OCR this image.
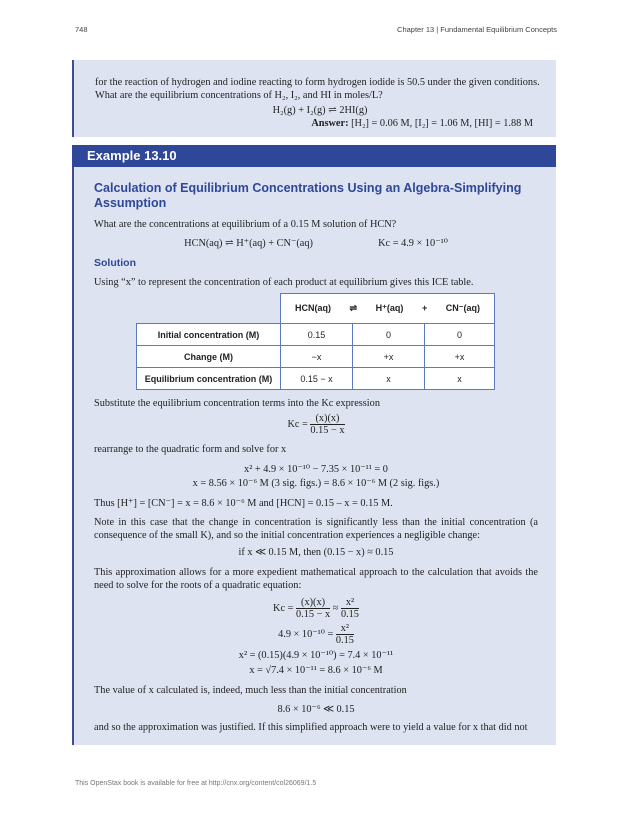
748	Chapter 13 | Fundamental Equilibrium Concepts
for the reaction of hydrogen and iodine reacting to form hydrogen iodide is 50.5 under the given conditions. What are the equilibrium concentrations of H₂, I₂, and HI in moles/L?
H₂(g) + I₂(g) ⇌ 2HI(g)
Answer: [H₂] = 0.06 M, [I₂] = 1.06 M, [HI] = 1.88 M
Example 13.10
Calculation of Equilibrium Concentrations Using an Algebra-Simplifying Assumption
What are the concentrations at equilibrium of a 0.15 M solution of HCN?
HCN(aq) ⇌ H⁺(aq) + CN⁻(aq)	Kc = 4.9 × 10⁻¹⁰
Solution
Using “x” to represent the concentration of each product at equilibrium gives this ICE table.

	HCN(aq) ⇌ H⁺(aq) + CN⁻(aq)		

Initial concentration (M)	0.15	0	0
Change (M)	−x	+x	+x
Equilibrium concentration (M)	0.15 − x	x	x
Substitute the equilibrium concentration terms into the Kc expression
$Kc = \frac{(x)(x)}{0.15 - x}$
rearrange to the quadratic form and solve for x
x² + 4.9 × 10⁻¹⁰ − 7.35 × 10⁻¹¹ = 0
x = 8.56 × 10⁻⁶ M (3 sig. figs.) = 8.6 × 10⁻⁶ M (2 sig. figs.)
Thus [H⁺] = [CN⁻] = x = 8.6 × 10⁻⁶ M and [HCN] = 0.15 – x = 0.15 M.
Note in this case that the change in concentration is significantly less than the initial concentration (a consequence of the small K), and so the initial concentration experiences a negligible change:
if x ≪ 0.15 M, then (0.15 − x) ≈ 0.15
This approximation allows for a more expedient mathematical approach to the calculation that avoids the need to solve for the roots of a quadratic equation:
$Kc = \frac{(x)(x)}{0.15 - x} \approx \frac{\text{x²}}{0.15}$
$4.9 \times 10^{-10} = \frac{\text{x²}}{0.15}$
x² = (0.15)(4.9 × 10⁻¹⁰) = 7.4 × 10⁻¹¹
x = √7.4 × 10⁻¹¹ = 8.6 × 10⁻⁶ M
The value of x calculated is, indeed, much less than the initial concentration
8.6 × 10⁻⁶ ≪ 0.15
and so the approximation was justified. If this simplified approach were to yield a value for x that did not
This OpenStax book is available for free at http://cnx.org/content/col26069/1.5
